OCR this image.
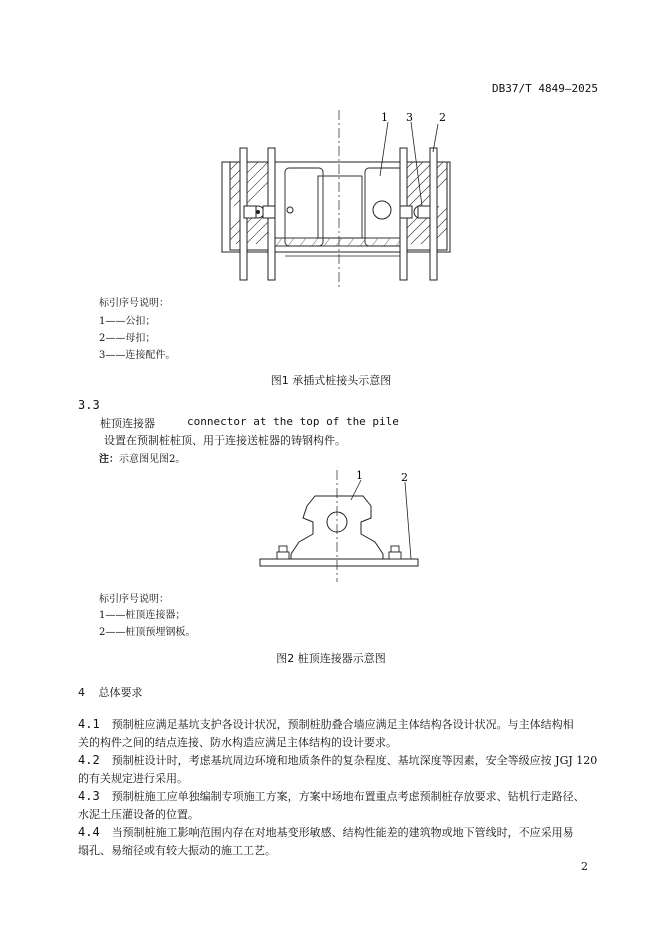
DB37/T 4849—2025
1 3 2
标引序号说明：
1——公扣；
2——母扣；
3——连接配件。
图1 承插式桩接头示意图
3.3
桩顶连接器	connector at the top of the pile
设置在预制桩桩顶、用于连接送桩器的铸钢构件。
注：示意图见图2。
1	2
标引序号说明：
1——桩顶连接器；
2——桩顶预埋钢板。
图2 桩顶连接器示意图
4 总体要求
4.1 预制桩应满足基坑支护各设计状况，预制桩肋叠合墙应满足主体结构各设计状况。与主体结构相
关的构件之间的结点连接、防水构造应满足主体结构的设计要求。
4.2 预制桩设计时，考虑基坑周边环境和地质条件的复杂程度、基坑深度等因素，安全等级应按 JGJ 120
的有关规定进行采用。
4.3 预制桩施工应单独编制专项施工方案，方案中场地布置重点考虑预制桩存放要求、钻机行走路径、
水泥土压灌设备的位置。
4.4 当预制桩施工影响范围内存在对地基变形敏感、结构性能差的建筑物或地下管线时，不应采用易
塌孔、易缩径或有较大振动的施工工艺。
2
